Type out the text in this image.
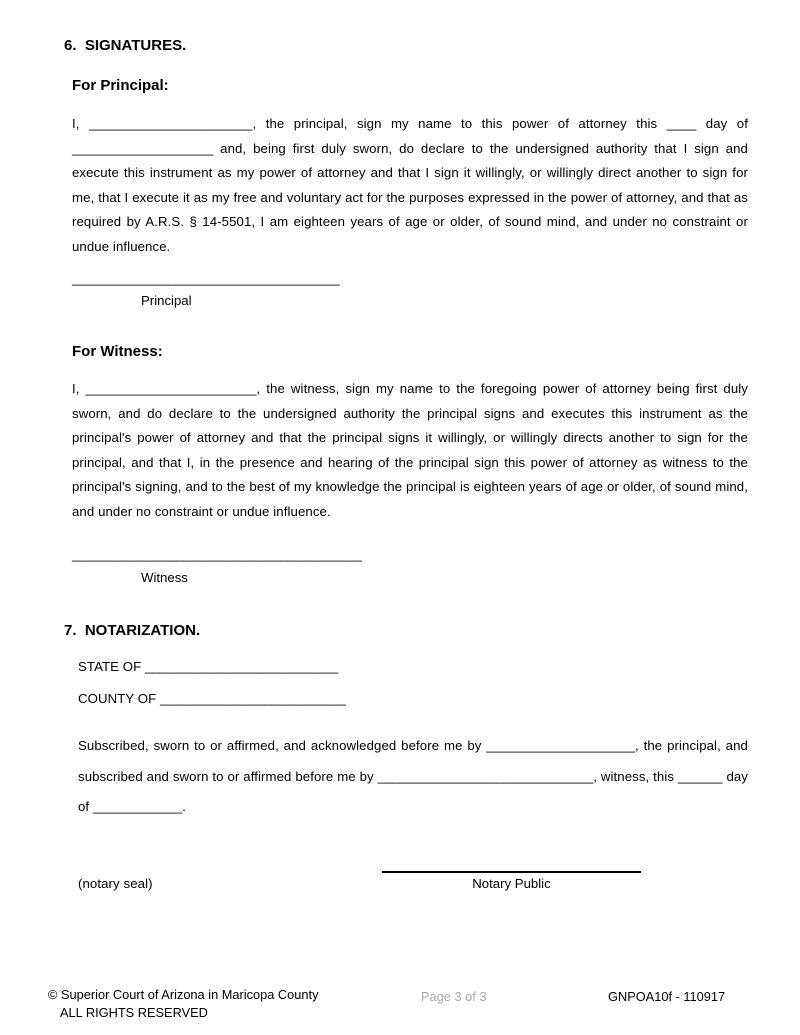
6.  SIGNATURES.
For Principal:

I, ______________________, the principal, sign my name to this power of attorney this ____ day of ___________________ and, being first duly sworn, do declare to the undersigned authority that I sign and execute this instrument as my power of attorney and that I sign it willingly, or willingly direct another to sign for me, that I execute it as my free and voluntary act for the purposes expressed in the power of attorney, and that as required by A.R.S. § 14-5501, I am eighteen years of age or older, of sound mind, and under no constraint or undue influence.

____________________________________
Principal
For Witness:

I, _______________________, the witness, sign my name to the foregoing power of attorney being first duly sworn, and do declare to the undersigned authority the principal signs and executes this instrument as the principal's power of attorney and that the principal signs it willingly, or willingly directs another to sign for the principal, and that I, in the presence and hearing of the principal sign this power of attorney as witness to the principal's signing, and to the best of my knowledge the principal is eighteen years of age or older, of sound mind, and under no constraint or undue influence.

_______________________________________
Witness
7.  NOTARIZATION.
STATE OF __________________________
COUNTY OF _________________________

Subscribed, sworn to or affirmed, and acknowledged before me by ____________________, the principal, and subscribed and sworn to or affirmed before me by _____________________________, witness, this ______ day of ____________.

(notary seal)	Notary Public
© Superior Court of Arizona in Maricopa County
ALL RIGHTS RESERVED
Page 3 of 3	GNPOA10f - 110917
